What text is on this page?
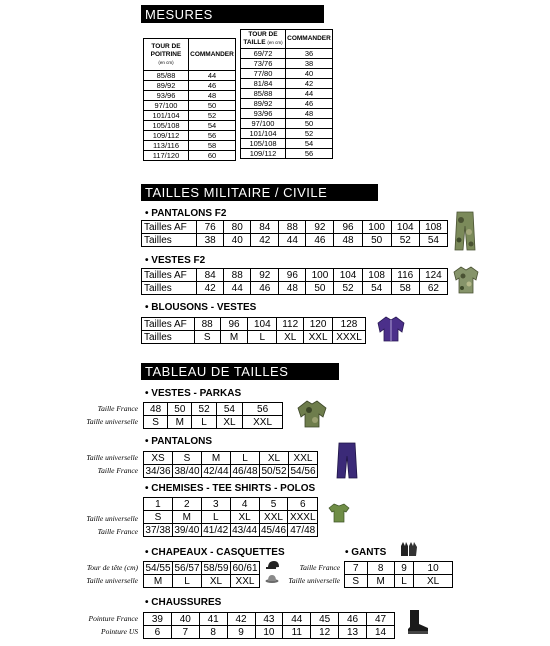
MESURES
TOUR DE POITRINE
(en cm)	COMMANDER
85/88	44
89/92	46
93/96	48
97/100	50
101/104	52
105/108	54
109/112	56
113/116	58
117/120	60
TOUR DE TAILLE (en cm)	COMMANDER
69/72	36
73/76	38
77/80	40
81/84	42
85/88	44
89/92	46
93/96	48
97/100	50
101/104	52
105/108	54
109/112	56
TAILLES MILITAIRE / CIVILE
• PANTALONS F2
Tailles AF	76	80	84	88	92	96	100	104	108
Tailles	38	40	42	44	46	48	50	52	54
• VESTES F2
Tailles AF	84	88	92	96	100	104	108	116	124
Tailles	42	44	46	48	50	52	54	58	62
• BLOUSONS - VESTES
Tailles AF	88	96	104	112	120	128
Tailles	S	M	L	XL	XXL	XXXL
TABLEAU DE TAILLES
• VESTES - PARKAS
Taille France
Taille universelle
48	50	52	54	56
S	M	L	XL	XXL
• PANTALONS
Taille universelle
Taille France
XS	S	M	L	XL	XXL
34/36	38/40	42/44	46/48	50/52	54/56
• CHEMISES - TEE SHIRTS - POLOS
Taille universelle
Taille France
1	2	3	4	5	6
S	M	L	XL	XXL	XXXL
37/38	39/40	41/42	43/44	45/46	47/48
• CHAPEAUX - CASQUETTES
Tour de tête (cm)
Taille universelle
54/55	56/57	58/59	60/61
M	L	XL	XXL
• GANTS
Taille France
Taille universelle
7	8	9	10
S	M	L	XL
• CHAUSSURES
Pointure France
Pointure US
39	40	41	42	43	44	45	46	47
6	7	8	9	10	11	12	13	14
